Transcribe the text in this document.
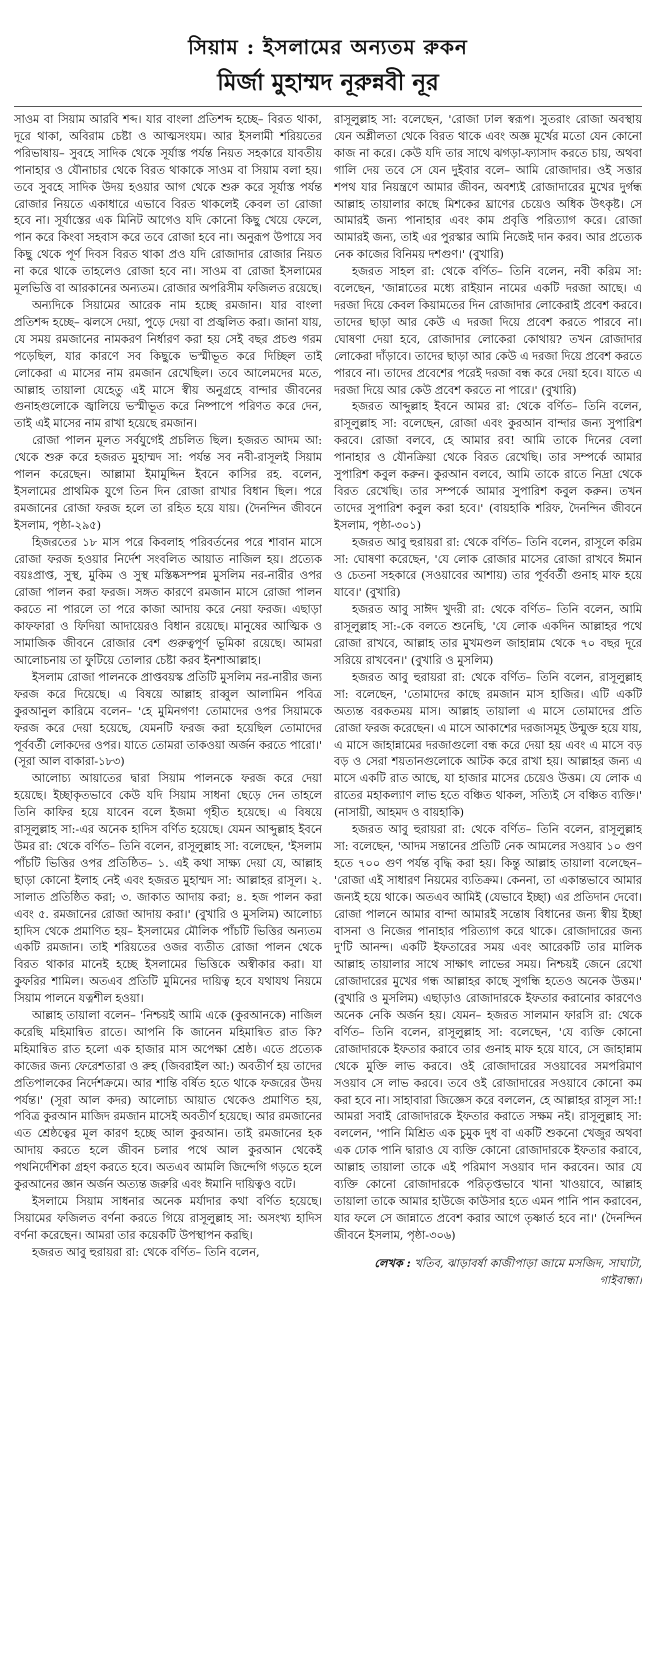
সিয়াম : ইসলামের অন্যতম রুকন
মির্জা মুহাম্মদ নূরুন্নবী নূর

সাওম বা সিয়াম আরবি শব্দ। যার বাংলা প্রতিশব্দ হচ্ছে– বিরত থাকা, দূরে থাকা, অবিরাম চেষ্টা ও আত্মসংযম। আর ইসলামী শরিয়তের পরিভাষায়– সুবহে সাদিক থেকে সূর্যাস্ত পর্যন্ত নিয়ত সহকারে যাবতীয় পানাহার ও যৌনাচার থেকে বিরত থাকাকে সাওম বা সিয়াম বলা হয়। তবে সুবহে সাদিক উদয় হওয়ার আগ থেকে শুরু করে সূর্যাস্ত পর্যন্ত রোজার নিয়তে একাধারে এভাবে বিরত থাকলেই কেবল তা রোজা হবে না। সূর্যাস্তের এক মিনিট আগেও যদি কোনো কিছু খেয়ে ফেলে, পান করে কিংবা সহবাস করে তবে রোজা হবে না। অনুরূপ উপায়ে সব কিছু থেকে পূর্ণ দিবস বিরত থাকা প্রও যদি রোজাদার রোজার নিয়ত না করে থাকে তাহলেও রোজা হবে না। সাওম বা রোজা ইসলামের মূলভিত্তি বা আরকানের অন্যতম। রোজার অপরিসীম ফজিলত রয়েছে।

অন্যদিকে সিয়ামের আরেক নাম হচ্ছে রমজান। যার বাংলা প্রতিশব্দ হচ্ছে– ঝলসে দেয়া, পুড়ে দেয়া বা প্রজ্বলিত করা। জানা যায়, যে সময় রমজানের নামকরণ নির্ধারণ করা হয় সেই বছর প্রচণ্ড গরম পড়েছিল, যার কারণে সব কিছুকে ভস্মীভূত করে দিচ্ছিল তাই লোকেরা এ মাসের নাম রমজান রেখেছিল। তবে আলেমদের মতে, আল্লাহ তায়ালা যেহেতু এই মাসে স্বীয় অনুগ্রহে বান্দার জীবনের গুনাহগুলোকে জ্বালিয়ে ভস্মীভূত করে নিষ্পাপে পরিণত করে দেন, তাই এই মাসের নাম রাখা হয়েছে রমজান।

রোজা পালন মূলত সর্বযুগেই প্রচলিত ছিল। হজরত আদম আ: থেকে শুরু করে হজরত মুহাম্মদ সা: পর্যন্ত সব নবী-রাসূলই সিয়াম পালন করেছেন। আল্লামা ইমামুদ্দিন ইবনে কাসির রহ. বলেন, ইসলামের প্রাথমিক যুগে তিন দিন রোজা রাখার বিধান ছিল। পরে রমজানের রোজা ফরজ হলে তা রহিত হয়ে যায়। (দৈনন্দিন জীবনে ইসলাম, পৃষ্ঠা-২৯৫)

হিজরতের ১৮ মাস পরে কিবলাহ পরিবর্তনের পরে শাবান মাসে রোজা ফরজ হওয়ার নির্দেশ সংবলিত আয়াত নাজিল হয়। প্রত্যেক বয়ঃপ্রাপ্ত, সুস্থ, মুকিম ও সুস্থ মস্তিষ্কসম্পন্ন মুসলিম নর-নারীর ওপর রোজা পালন করা ফরজ। সঙ্গত কারণে রমজান মাসে রোজা পালন করতে না পারলে তা পরে কাজা আদায় করে নেয়া ফরজ। এছাড়া কাফফারা ও ফিদিয়া আদায়েরও বিধান রয়েছে। মানুষের আত্মিক ও সামাজিক জীবনে রোজার বেশ গুরুত্বপূর্ণ ভূমিকা রয়েছে। আমরা আলোচনায় তা ফুটিয়ে তোলার চেষ্টা করব ইনশাআল্লাহ।

ইসলাম রোজা পালনকে প্রাপ্তবয়স্ক প্রতিটি মুসলিম নর-নারীর জন্য ফরজ করে দিয়েছে। এ বিষয়ে আল্লাহ রাব্বুল আলামিন পবিত্র কুরআনুল কারিমে বলেন– 'হে মুমিনগণ! তোমাদের ওপর সিয়ামকে ফরজ করে দেয়া হয়েছে, যেমনটি ফরজ করা হয়েছিল তোমাদের পূর্ববর্তী লোকদের ওপর। যাতে তোমরা তাকওয়া অর্জন করতে পারো।' (সূরা আল বাকারা-১৮৩)

আলোচ্য আয়াতের দ্বারা সিয়াম পালনকে ফরজ করে দেয়া হয়েছে। ইচ্ছাকৃতভাবে কেউ যদি সিয়াম সাধনা ছেড়ে দেন তাহলে তিনি কাফির হয়ে যাবেন বলে ইজমা গৃহীত হয়েছে। এ বিষয়ে রাসূলুল্লাহ সা:-এর অনেক হাদিস বর্ণিত হয়েছে। যেমন আব্দুল্লাহ ইবনে উমর রা: থেকে বর্ণিত– তিনি বলেন, রাসূলুল্লাহ সা: বলেছেন, 'ইসলাম পাঁচটি ভিত্তির ওপর প্রতিষ্ঠিত– ১. এই কথা সাক্ষ্য দেয়া যে, আল্লাহ ছাড়া কোনো ইলাহ নেই এবং হজরত মুহাম্মদ সা: আল্লাহর রাসূল। ২. সালাত প্রতিষ্ঠিত করা; ৩. জাকাত আদায় করা; ৪. হজ পালন করা এবং ৫. রমজানের রোজা আদায় করা।' (বুখারি ও মুসলিম) আলোচ্য হাদিস থেকে প্রমাণিত হয়– ইসলামের মৌলিক পাঁচটি ভিত্তির অন্যতম একটি রমজান। তাই শরিয়তের ওজর ব্যতীত রোজা পালন থেকে বিরত থাকার মানেই হচ্ছে ইসলামের ভিত্তিকে অস্বীকার করা। যা কুফরির শামিল। অতএব প্রতিটি মুমিনের দায়িত্ব হবে যথাযথ নিয়মে সিয়াম পালনে যত্নশীল হওয়া।

আল্লাহ তায়ালা বলেন– 'নিশ্চয়ই আমি একে (কুরআনকে) নাজিল করেছি মহিমান্বিত রাতে। আপনি কি জানেন মহিমান্বিত রাত কি? মহিমান্বিত রাত হলো এক হাজার মাস অপেক্ষা শ্রেষ্ঠ। এতে প্রত্যেক কাজের জন্য ফেরেশতারা ও রুহ (জিবরাইল আ:) অবতীর্ণ হয় তাদের প্রতিপালকের নির্দেশক্রমে। আর শান্তি বর্ষিত হতে থাকে ফজরের উদয় পর্যন্ত।' (সূরা আল কদর) আলোচ্য আয়াত থেকেও প্রমাণিত হয়, পবিত্র কুরআন মাজিদ রমজান মাসেই অবতীর্ণ হয়েছে। আর রমজানের এত শ্রেষ্ঠত্বের মূল কারণ হচ্ছে আল কুরআন। তাই রমজানের হক আদায় করতে হলে জীবন চলার পথে আল কুরআন থেকেই পথনির্দেশিকা গ্রহণ করতে হবে। অতএব আমলি জিন্দেগি গড়তে হলে কুরআনের জ্ঞান অর্জন অত্যন্ত জরুরি এবং ঈমানি দায়িত্বও বটে।

ইসলামে সিয়াম সাধনার অনেক মর্যাদার কথা বর্ণিত হয়েছে। সিয়ামের ফজিলত বর্ণনা করতে গিয়ে রাসূলুল্লাহ সা: অসংখ্য হাদিস বর্ণনা করেছেন। আমরা তার কয়েকটি উপস্থাপন করছি।

হজরত আবু হুরায়রা রা: থেকে বর্ণিত– তিনি বলেন,

রাসূলুল্লাহ সা: বলেছেন, 'রোজা ঢাল স্বরূপ। সুতরাং রোজা অবস্থায় যেন অশ্লীলতা থেকে বিরত থাকে এবং অজ্ঞ মূর্খের মতো যেন কোনো কাজ না করে। কেউ যদি তার সাথে ঝগড়া-ফ্যাসাদ করতে চায়, অথবা গালি দেয় তবে সে যেন দুইবার বলে– আমি রোজাদার। ওই সত্তার শপথ যার নিয়ন্ত্রণে আমার জীবন, অবশ্যই রোজাদারের মুখের দুর্গন্ধ আল্লাহ তায়ালার কাছে মিশকের ঘ্রাণের চেয়েও অধিক উৎকৃষ্ট। সে আমারই জন্য পানাহার এবং কাম প্রবৃত্তি পরিত্যাগ করে। রোজা আমারই জন্য, তাই এর পুরস্কার আমি নিজেই দান করব। আর প্রত্যেক নেক কাজের বিনিময় দশগুণ।' (বুখারি)

হজরত সাহল রা: থেকে বর্ণিত– তিনি বলেন, নবী করিম সা: বলেছেন, 'জান্নাতের মধ্যে রাইয়ান নামের একটি দরজা আছে। এ দরজা দিয়ে কেবল কিয়ামতের দিন রোজাদার লোকেরাই প্রবেশ করবে। তাদের ছাড়া আর কেউ এ দরজা দিয়ে প্রবেশ করতে পারবে না। ঘোষণা দেয়া হবে, রোজাদার লোকেরা কোথায়? তখন রোজাদার লোকেরা দাঁড়াবে। তাদের ছাড়া আর কেউ এ দরজা দিয়ে প্রবেশ করতে পারবে না। তাদের প্রবেশের পরেই দরজা বন্ধ করে দেয়া হবে। যাতে এ দরজা দিয়ে আর কেউ প্রবেশ করতে না পারে।' (বুখারি)

হজরত আব্দুল্লাহ ইবনে আমর রা: থেকে বর্ণিত– তিনি বলেন, রাসূলুল্লাহ সা: বলেছেন, রোজা এবং কুরআন বান্দার জন্য সুপারিশ করবে। রোজা বলবে, হে আমার রব! আমি তাকে দিনের বেলা পানাহার ও যৌনক্রিয়া থেকে বিরত রেখেছি। তার সম্পর্কে আমার সুপারিশ কবুল করুন। কুরআন বলবে, আমি তাকে রাতে নিদ্রা থেকে বিরত রেখেছি। তার সম্পর্কে আমার সুপারিশ কবুল করুন। তখন তাদের সুপারিশ কবুল করা হবে।' (বায়হাকি শরিফ, দৈনন্দিন জীবনে ইসলাম, পৃষ্ঠা-৩০১)

হজরত আবু হুরায়রা রা: থেকে বর্ণিত– তিনি বলেন, রাসূলে করিম সা: ঘোষণা করেছেন, 'যে লোক রোজার মাসের রোজা রাখবে ঈমান ও চেতনা সহকারে (সওয়াবের আশায়) তার পূর্ববর্তী গুনাহ মাফ হয়ে যাবে।' (বুখারি)

হজরত আবু সাঈদ খুদরী রা: থেকে বর্ণিত– তিনি বলেন, আমি রাসূলুল্লাহ সা:-কে বলতে শুনেছি, 'যে লোক একদিন আল্লাহর পথে রোজা রাখবে, আল্লাহ তার মুখমণ্ডল জাহান্নাম থেকে ৭০ বছর দূরে সরিয়ে রাখবেন।' (বুখারি ও মুসলিম)

হজরত আবু হুরায়রা রা: থেকে বর্ণিত– তিনি বলেন, রাসূলুল্লাহ সা: বলেছেন, 'তোমাদের কাছে রমজান মাস হাজির। এটি একটি অত্যন্ত বরকতময় মাস। আল্লাহ তায়ালা এ মাসে তোমাদের প্রতি রোজা ফরজ করেছেন। এ মাসে আকাশের দরজাসমূহ উন্মুক্ত হয়ে যায়, এ মাসে জাহান্নামের দরজাগুলো বন্ধ করে দেয়া হয় এবং এ মাসে বড় বড় ও সেরা শয়তানগুলোকে আটক করে রাখা হয়। আল্লাহর জন্য এ মাসে একটি রাত আছে, যা হাজার মাসের চেয়েও উত্তম। যে লোক এ রাতের মহাকল্যাণ লাভ হতে বঞ্চিত থাকল, সত্যিই সে বঞ্চিত ব্যক্তি।' (নাসায়ী, আহমদ ও বায়হাকি)

হজরত আবু হুরায়রা রা: থেকে বর্ণিত– তিনি বলেন, রাসূলুল্লাহ সা: বলেছেন, 'আদম সন্তানের প্রতিটি নেক আমলের সওয়াব ১০ গুণ হতে ৭০০ গুণ পর্যন্ত বৃদ্ধি করা হয়। কিন্তু আল্লাহ তায়ালা বলেছেন– 'রোজা এই সাধারণ নিয়মের ব্যতিক্রম। কেননা, তা একান্তভাবে আমার জন্যই হয়ে থাকে। অতএব আমিই (যেভাবে ইচ্ছা) এর প্রতিদান দেবো। রোজা পালনে আমার বান্দা আমারই সন্তোষ বিধানের জন্য স্বীয় ইচ্ছা বাসনা ও নিজের পানাহার পরিত্যাগ করে থাকে। রোজাদারের জন্য দু'টি আনন্দ। একটি ইফতারের সময় এবং আরেকটি তার মালিক আল্লাহ তায়ালার সাথে সাক্ষাৎ লাভের সময়। নিশ্চয়ই জেনে রেখো রোজাদারের মুখের গন্ধ আল্লাহর কাছে সুগন্ধি হতেও অনেক উত্তম।' (বুখারি ও মুসলিম) এছাড়াও রোজাদারকে ইফতার করানোর কারণেও অনেক নেকি অর্জন হয়। যেমন– হজরত সালমান ফারসি রা: থেকে বর্ণিত– তিনি বলেন, রাসূলুল্লাহ সা: বলেছেন, 'যে ব্যক্তি কোনো রোজাদারকে ইফতার করাবে তার গুনাহ মাফ হয়ে যাবে, সে জাহান্নাম থেকে মুক্তি লাভ করবে। ওই রোজাদারের সওয়াবের সমপরিমাণ সওয়াব সে লাভ করবে। তবে ওই রোজাদারের সওয়াবে কোনো কম করা হবে না। সাহাবারা জিজ্ঞেস করে বললেন, হে আল্লাহর রাসূল সা:! আমরা সবাই রোজাদারকে ইফতার করাতে সক্ষম নই। রাসূলুল্লাহ সা: বললেন, 'পানি মিশ্রিত এক চুমুক দুধ বা একটি শুকনো খেজুর অথবা এক ঢোক পানি দ্বারাও যে ব্যক্তি কোনো রোজাদারকে ইফতার করাবে, আল্লাহ তায়ালা তাকে এই পরিমাণ সওয়াব দান করবেন। আর যে ব্যক্তি কোনো রোজাদারকে পরিতৃপ্তভাবে খানা খাওয়াবে, আল্লাহ তায়ালা তাকে আমার হাউজে কাউসার হতে এমন পানি পান করাবেন, যার ফলে সে জান্নাতে প্রবেশ করার আগে তৃষ্ণার্ত হবে না।' (দৈনন্দিন জীবনে ইসলাম, পৃষ্ঠা-৩০৬)

লেখক : খতিব, ঝাড়াবর্ষা কাজীপাড়া জামে মসজিদ, সাঘাটা, গাইবান্ধা।
